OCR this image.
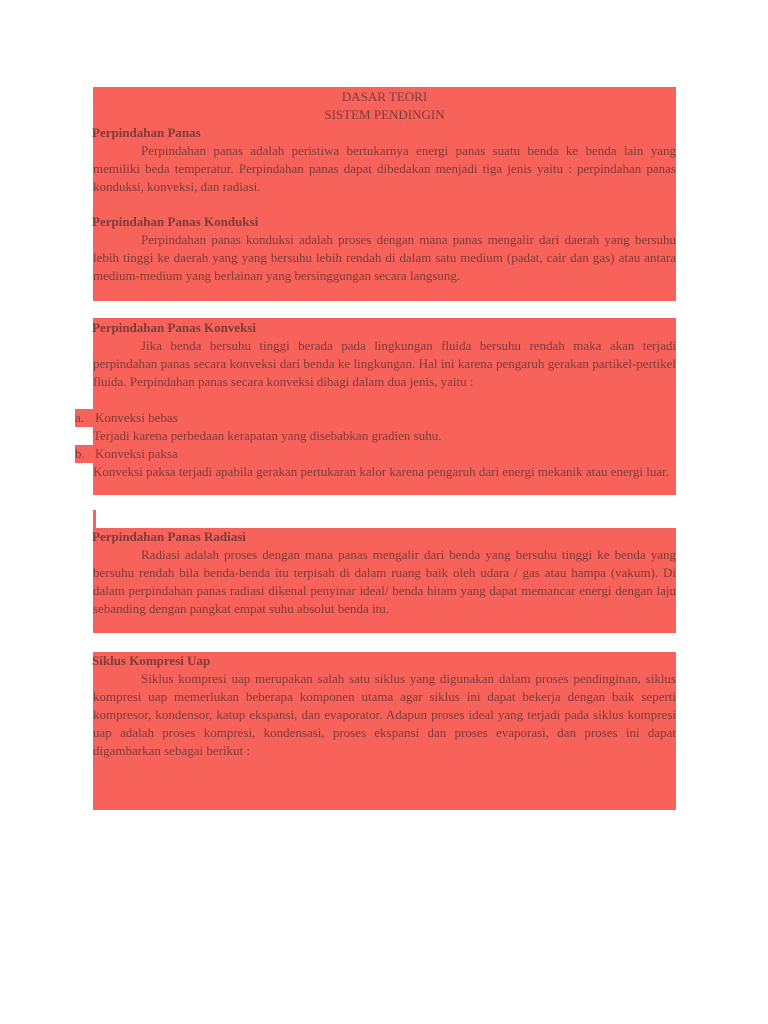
DASAR TEORI
SISTEM PENDINGIN
Perpindahan Panas
Perpindahan panas adalah peristiwa bertukarnya energi panas suatu benda ke benda lain yang memiliki beda temperatur. Perpindahan panas dapat dibedakan menjadi tiga jenis yaitu : perpindahan panas konduksi, konveksi, dan radiasi.
Perpindahan Panas Konduksi
Perpindahan panas konduksi adalah proses dengan mana panas mengalir dari daerah yang bersuhu lebih tinggi ke daerah yang yang bersuhu lebih rendah di dalam satu medium (padat, cair dan gas) atau antara medium-medium yang berlainan yang bersinggungan secara langsung.
Perpindahan Panas Konveksi
Jika benda bersuhu tinggi berada pada lingkungan fluida bersuhu rendah maka akan terjadi perpindahan panas secara konveksi dari benda ke lingkungan. Hal ini karena pengaruh gerakan partikel-pertikel fluida. Perpindahan panas secara konveksi dibagi dalam dua jenis, yaitu :
a. Konveksi bebas
Terjadi karena perbedaan kerapatan yang disebabkan gradien suhu.
b. Konveksi paksa
Konveksi paksa terjadi apabila gerakan pertukaran kalor karena pengaruh dari energi mekanik atau energi luar.
Perpindahan Panas Radiasi
Radiasi adalah proses dengan mana panas mengalir dari benda yang bersuhu tinggi ke benda yang bersuhu rendah bila benda-benda itu terpisah di dalam ruang baik oleh udara / gas atau hampa (vakum). Di dalam perpindahan panas radiasi dikenal penyinar ideal/ benda hitam yang dapat memancar energi dengan laju sebanding dengan pangkat empat suhu absolut benda itu.
Siklus Kompresi Uap
Siklus kompresi uap merupakan salah satu siklus yang digunakan dalam proses pendinginan, siklus kompresi uap memerlukan beberapa komponen utama agar siklus ini dapat bekerja dengan baik seperti kompresor, kondensor, katup ekspansi, dan evaporator. Adapun proses ideal yang terjadi pada siklus kompresi uap adalah proses kompresi, kondensasi, proses ekspansi dan proses evaporasi, dan proses ini dapat digambarkan sebagai berikut :
